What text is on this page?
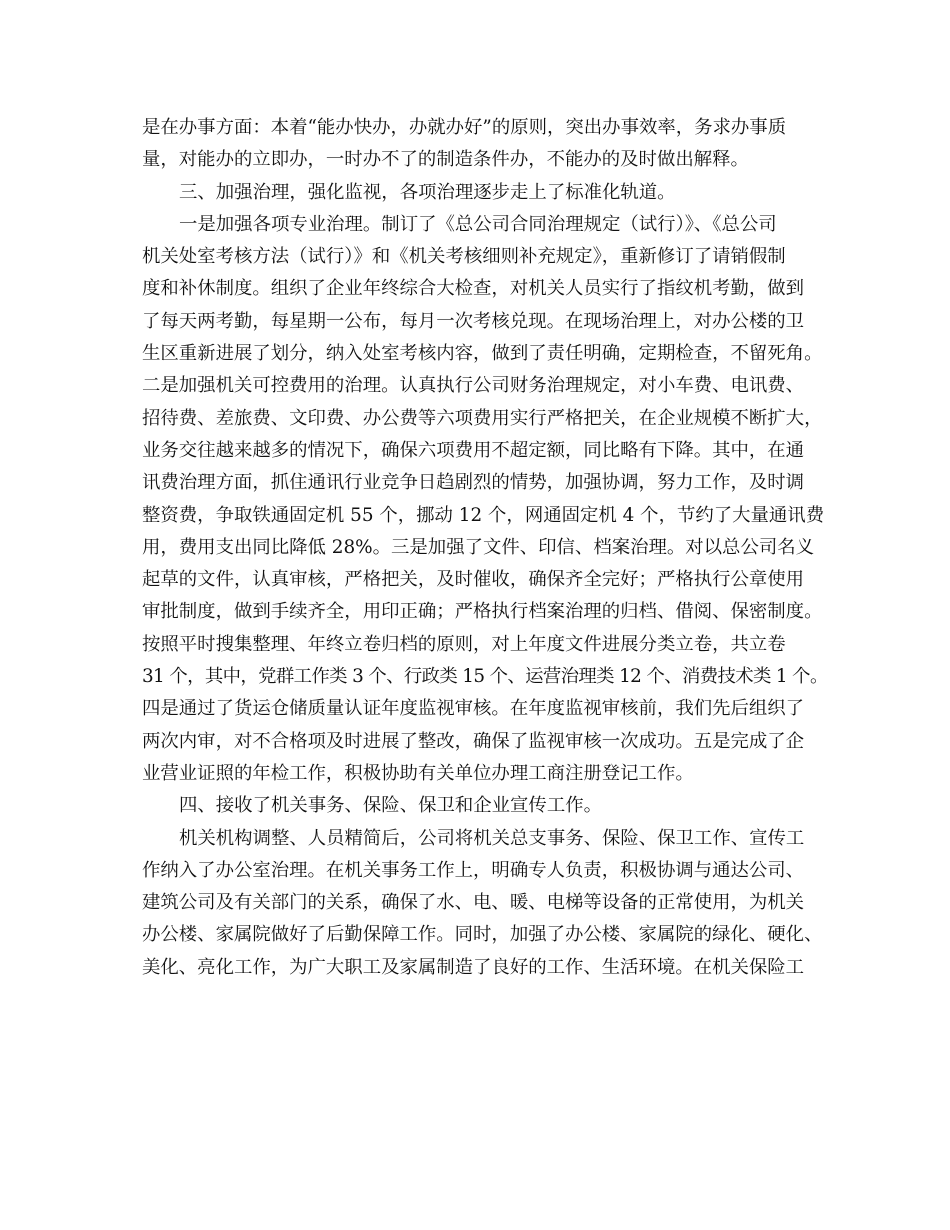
是在办事方面：本着“能办快办，办就办好”的原则，突出办事效率，务求办事质
量，对能办的立即办，一时办不了的制造条件办，不能办的及时做出解释。
三、加强治理，强化监视，各项治理逐步走上了标准化轨道。
一是加强各项专业治理。制订了《总公司合同治理规定（试行）》、《总公司
机关处室考核方法（试行）》和《机关考核细则补充规定》，重新修订了请销假制
度和补休制度。组织了企业年终综合大检查，对机关人员实行了指纹机考勤，做到
了每天两考勤，每星期一公布，每月一次考核兑现。在现场治理上，对办公楼的卫
生区重新进展了划分，纳入处室考核内容，做到了责任明确，定期检查，不留死角。
二是加强机关可控费用的治理。认真执行公司财务治理规定，对小车费、电讯费、
招待费、差旅费、文印费、办公费等六项费用实行严格把关，在企业规模不断扩大，
业务交往越来越多的情况下，确保六项费用不超定额，同比略有下降。其中，在通
讯费治理方面，抓住通讯行业竞争日趋剧烈的情势，加强协调，努力工作，及时调
整资费，争取铁通固定机 55 个，挪动 12 个，网通固定机 4 个，节约了大量通讯费
用，费用支出同比降低 28%。三是加强了文件、印信、档案治理。对以总公司名义
起草的文件，认真审核，严格把关，及时催收，确保齐全完好；严格执行公章使用
审批制度，做到手续齐全，用印正确；严格执行档案治理的归档、借阅、保密制度。
按照平时搜集整理、年终立卷归档的原则，对上年度文件进展分类立卷，共立卷
31 个，其中，党群工作类 3 个、行政类 15 个、运营治理类 12 个、消费技术类 1 个。
四是通过了货运仓储质量认证年度监视审核。在年度监视审核前，我们先后组织了
两次内审，对不合格项及时进展了整改，确保了监视审核一次成功。五是完成了企
业营业证照的年检工作，积极协助有关单位办理工商注册登记工作。
四、接收了机关事务、保险、保卫和企业宣传工作。
机关机构调整、人员精简后，公司将机关总支事务、保险、保卫工作、宣传工
作纳入了办公室治理。在机关事务工作上，明确专人负责，积极协调与通达公司、
建筑公司及有关部门的关系，确保了水、电、暖、电梯等设备的正常使用，为机关
办公楼、家属院做好了后勤保障工作。同时，加强了办公楼、家属院的绿化、硬化、
美化、亮化工作，为广大职工及家属制造了良好的工作、生活环境。在机关保险工
